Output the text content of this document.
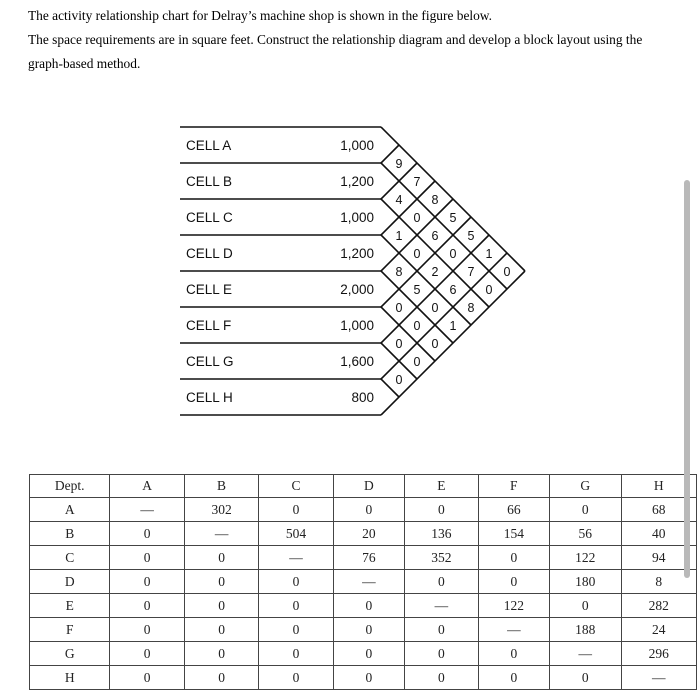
The activity relationship chart for Delray’s machine shop is shown in the figure below.

The space requirements are in square feet. Construct the relationship diagram and develop a block layout using the graph-based method.

CELL A	1,000
CELL B	1,200
CELL C	1,000
CELL D	1,200
CELL E	2,000
CELL F	1,000
CELL G	1,600
CELL H	800
9
7
8
5
5
1
0
4
0
6
0
7
0
1
0
2
6
8
8
5
0
1
0
0
0
0
0
0
Dept.	A	B	C	D	E	F	G	H
A	—	302	0	0	0	66	0	68
B	0	—	504	20	136	154	56	40
C	0	0	—	76	352	0	122	94
D	0	0	0	—	0	0	180	8
E	0	0	0	0	—	122	0	282
F	0	0	0	0	0	—	188	24
G	0	0	0	0	0	0	—	296
H	0	0	0	0	0	0	0	—
